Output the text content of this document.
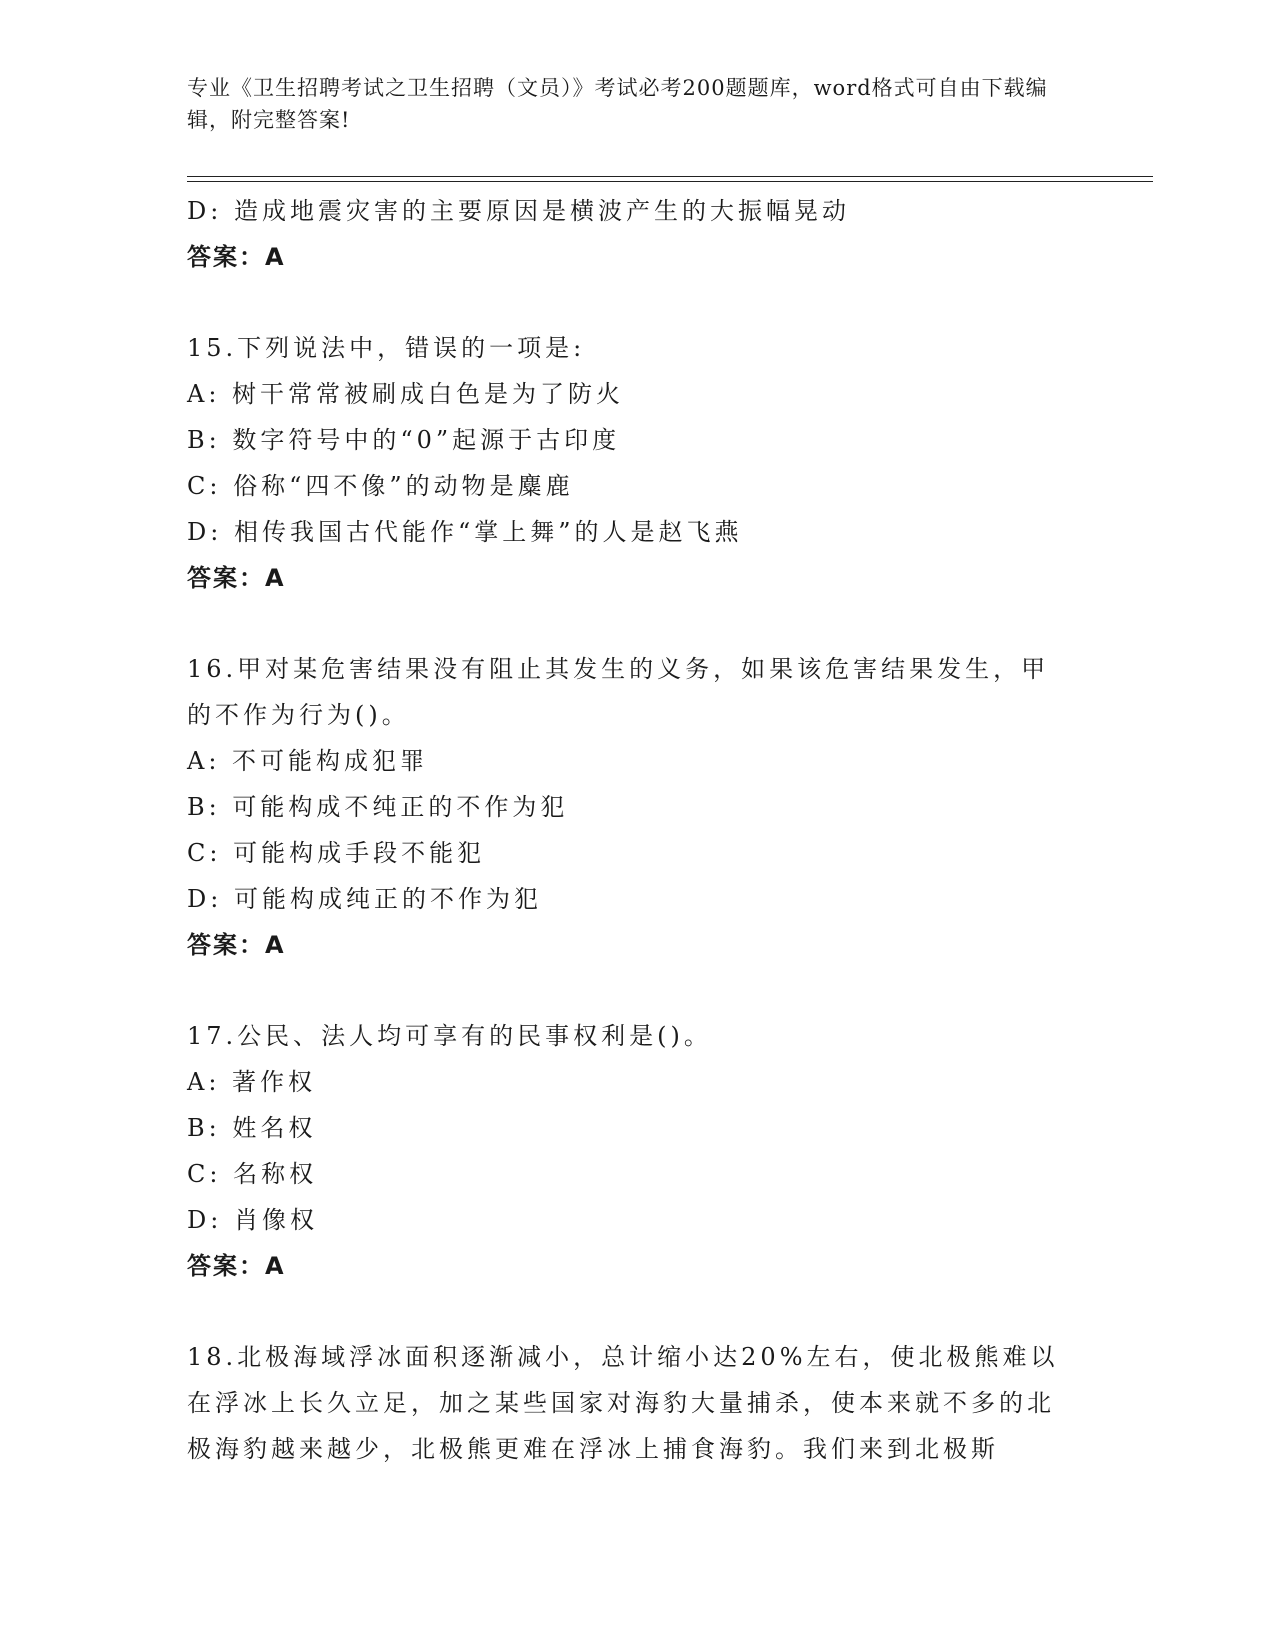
专业《卫生招聘考试之卫生招聘（文员）》考试必考200题题库，word格式可自由下载编辑，附完整答案!
D: 造成地震灾害的主要原因是横波产生的大振幅晃动
答案：A
15.下列说法中，错误的一项是:
A: 树干常常被刷成白色是为了防火
B: 数字符号中的“0”起源于古印度
C: 俗称“四不像”的动物是麋鹿
D: 相传我国古代能作“掌上舞”的人是赵飞燕
答案：A
16.甲对某危害结果没有阻止其发生的义务，如果该危害结果发生，甲的不作为行为()。
A: 不可能构成犯罪
B: 可能构成不纯正的不作为犯
C: 可能构成手段不能犯
D: 可能构成纯正的不作为犯
答案：A
17.公民、法人均可享有的民事权利是()。
A: 著作权
B: 姓名权
C: 名称权
D: 肖像权
答案：A
18.北极海域浮冰面积逐渐减小，总计缩小达20%左右，使北极熊难以在浮冰上长久立足，加之某些国家对海豹大量捕杀，使本来就不多的北极海豹越来越少，北极熊更难在浮冰上捕食海豹。我们来到北极斯
